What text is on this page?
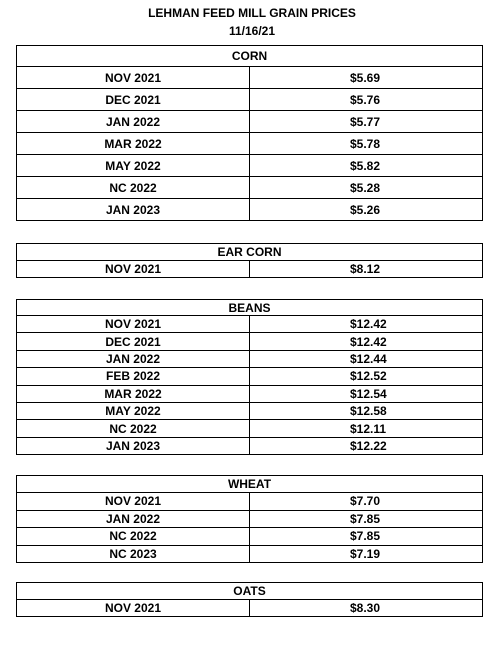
LEHMAN FEED MILL GRAIN PRICES
11/16/21
CORN	
NOV 2021	$5.69
DEC 2021	$5.76
JAN 2022	$5.77
MAR 2022	$5.78
MAY 2022	$5.82
NC 2022	$5.28
JAN 2023	$5.26
EAR CORN
NOV 2021	$8.12
BEANS	
NOV 2021	$12.42
DEC 2021	$12.42
JAN 2022	$12.44
FEB 2022	$12.52
MAR 2022	$12.54
MAY 2022	$12.58
NC 2022	$12.11
JAN 2023	$12.22
WHEAT	
NOV 2021	$7.70
JAN 2022	$7.85
NC 2022	$7.85
NC 2023	$7.19
OATS
NOV 2021	$8.30
